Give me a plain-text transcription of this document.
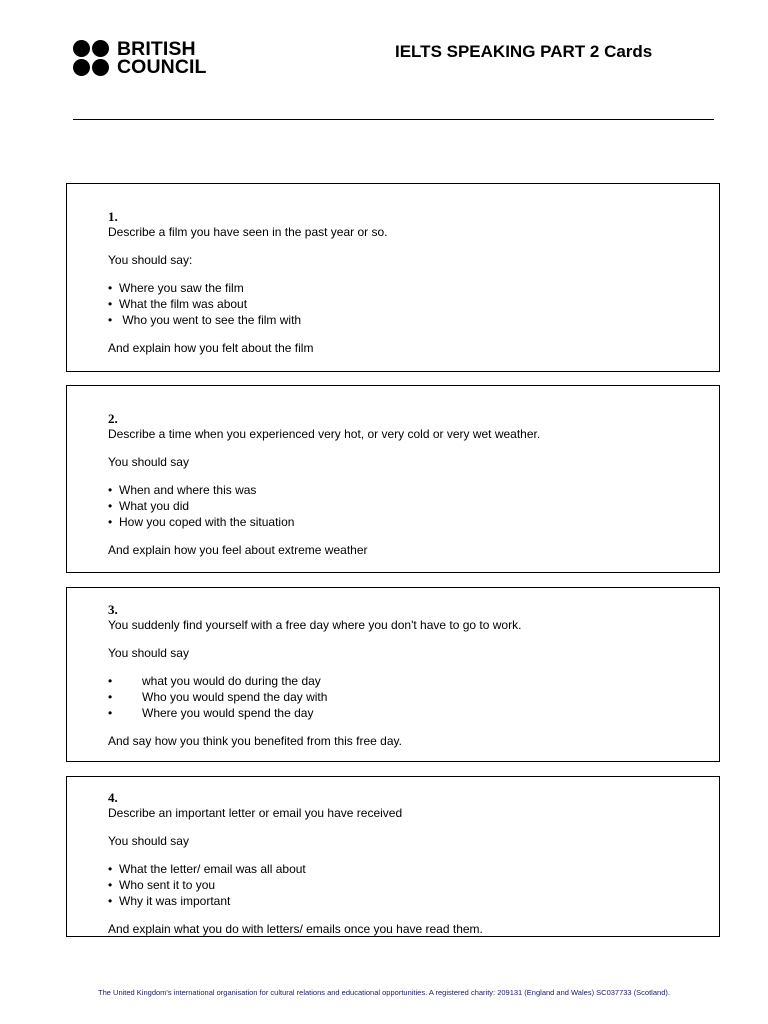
BRITISH
COUNCIL
IELTS SPEAKING PART 2 Cards

1.

Describe a film you have seen in the past year or so.

You should say:

• Where you saw the film
• What the film was about
• Who you went to see the film with

And explain how you felt about the film

2.

Describe a time when you experienced very hot, or very cold or very wet weather.

You should say

• When and where this was
• What you did
• How you coped with the situation

And explain how you feel about extreme weather

3.

You suddenly find yourself with a free day where you don't have to go to work.

You should say

• what you would do during the day
• Who you would spend the day with
• Where you would spend the day

And say how you think you benefited from this free day.

4.

Describe an important letter or email you have received

You should say

• What the letter/ email was all about
• Who sent it to you
• Why it was important

And explain what you do with letters/ emails once you have read them.

The United Kingdom's international organisation for cultural relations and educational opportunities. A registered charity: 209131 (England and Wales) SC037733 (Scotland).
